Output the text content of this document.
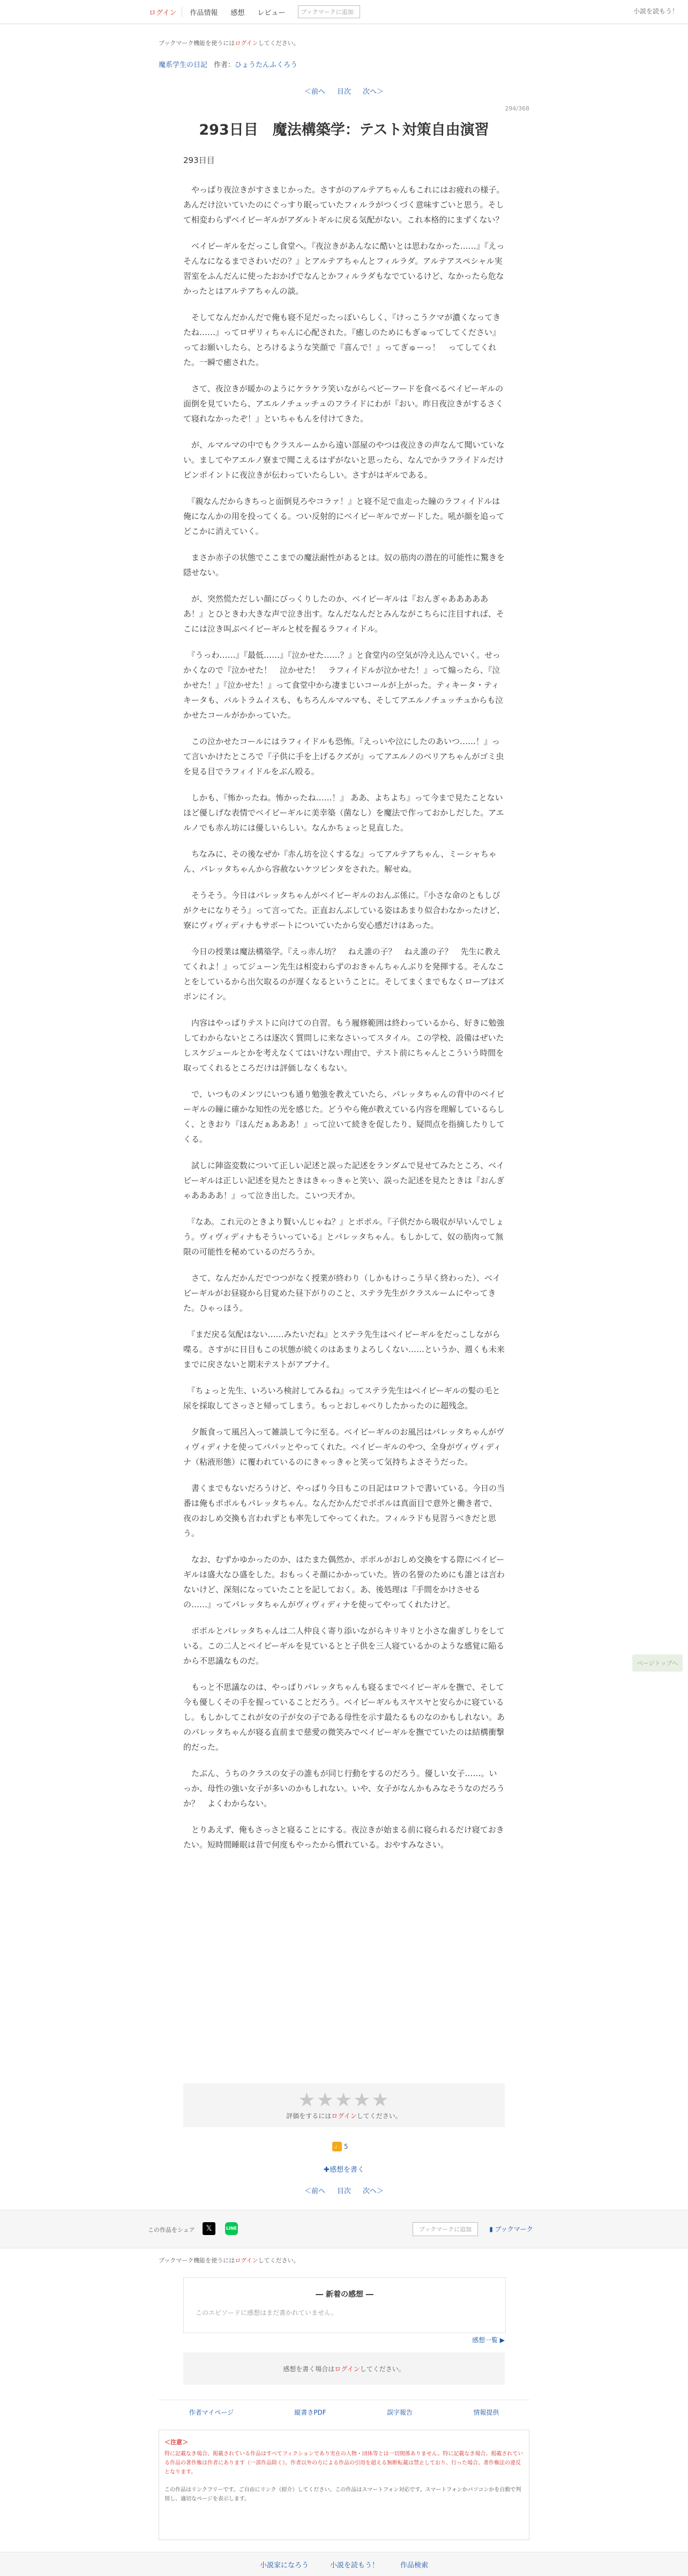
ログイン	作品情報	感想	レビュー	ブックマークに追加	小説を読もう！
ブックマーク機能を使うにはログインしてください。
魔系学生の日記 作者：ひょうたんふくろう
＜前へ 目次 次へ＞
294/368
293日目　魔法構築学：テスト対策自由演習
293日目

　やっぱり夜泣きがすさまじかった。さすがのアルテアちゃんもこれにはお疲れの様子。あんだけ泣いていたのにぐっすり眠っていたフィルラがつくづく意味すごいと思う。そして相変わらずベイビーギルがアダルトギルに戻る気配がない。これ本格的にまずくない？

　ベイビーギルをだっこし食堂へ。『夜泣きがあんなに酷いとは思わなかった……』『えっそんなになるまでさわいだの？』とアルテアちゃんとフィルラダ。アルテアスペシャル実習室をふんだんに使ったおかげでなんとかフィルラダもなでているけど、なかったら危なかったとはアルテアちゃんの談。

　そしてなんだかんだで俺も寝不足だったっぽいらしく、『けっこうクマが濃くなってきたね……』ってロザリィちゃんに心配された。『癒しのためにもぎゅってしてください』ってお願いしたら、とろけるような笑顔で『喜んで！』ってぎゅーっ！　ってしてくれた。一瞬で癒された。

　さて、夜泣きが暖かのようにケラケラ笑いながらベビーフードを食べるベイビーギルの面倒を見ていたら、アエルノチュッチュのフライドにわが『おい。昨日夜泣きがするさくて寝れなかったぞ！』といちゃもんを付けてきた。

　が、ルマルマの中でもクラスルームから遠い部屋のやつは夜泣きの声なんて聞いていない。ましてやアエルノ寮まで聞こえるはずがないと思ったら、なんでかラフライドルだけピンポイントに夜泣きが伝わっていたらしい。さすがはギルである。

　『親なんだからきちっと面倒見ろやコラァ！』と寝不足で血走った瞳のラフィイドルは俺になんかの用を投ってくる。つい反射的にベイビーギルでガードした。吼が顔を追ってどこかに消えていく。

　まさか赤子の状態でここまでの魔法耐性があるとは。奴の筋肉の潜在的可能性に驚きを隠せない。

　が、突然慌ただしい顔にびっくりしたのか、ベイビーギルは『おんぎゃああああああ！』とひときわ大きな声で泣き出す。なんだなんだとみんながこちらに注目すれば、そこには泣き叫ぶベイビーギルと杖を握るラフィイドル。

　『うっわ……』『最低……』『泣かせた……？』と食堂内の空気が冷え込んでいく。せっかくなので『泣かせた！　泣かせた！　ラフィイドルが泣かせた！』って煽ったら、『泣かせた！』『泣かせた！』って食堂中から凄まじいコールが上がった。ティキータ・ティキータも、バルトラムイスも、もちろんルマルマも、そしてアエルノチュッチュからも泣かせたコールがかかっていた。

　この泣かせたコールにはラフィイドルも恐怖。『えっいや泣にしたのあいつ……！』って言いかけたところで『子供に手を上げるクズが』ってアエルノのベリアちゃんがゴミ虫を見る目でラフィイドルをぶん殴る。

　しかも、『怖かったね。怖かったね……！』 ああ、よちよち』って今まで見たことないほど優しげな表情でベイビーギルに美幸築（菌なし）を魔法で作っておかしだした。アエルノでも赤ん坊には優しいらしい。なんかちょっと見直した。

　ちなみに、その後なぜか『赤ん坊を泣くするな』ってアルテアちゃん、ミーシャちゃん、パレッタちゃんから容赦ないケツビンタをされた。解せぬ。

　そうそう。今日はパレッタちゃんがベイビーギルのおんぶ係に。『小さな命のともしびがクセになりそう』って言ってた。正直おんぶしている姿はあまり似合わなかったけど、寮にヴィヴィディナもサポートについていたから安心感だけはあった。

　今日の授業は魔法構築学。『えっ赤ん坊？　ねえ誰の子？　ねえ誰の子？　先生に教えてくれよ！』ってジューン先生は相変わらずのおきゃんちゃんぶりを発揮する。そんなことをしているから出欠取るのが遅くなるということに。そしてまくまでもなくローブはズボンにイン。

　内容はやっぱりテストに向けての自習。もう履修範囲は終わっているから、好きに勉強してわからないところは逐次く質問しに来なさいってスタイル。この学校、設備はぜいたしスケジュールとかを考えなくてはいけない理由で、テスト前にちゃんとこういう時間を取ってくれるところだけは評価しなくもない。

　で、いつものメンツにいつも通り勉強を教えていたら、パレッタちゃんの背中のベイビーギルの瞳に確かな知性の光を感じた。どうやら俺が教えている内容を理解しているらしく、ときおり『ほんだぁあああ！』って泣いて続きを促したり、疑問点を指摘したりしてくる。

　試しに陣盗変数について正しい記述と誤った記述をランダムで見せてみたところ、ベイビーギルは正しい記述を見たときはきゃっきゃと笑い、誤った記述を見たときは『おんぎゃああああ！』って泣き出した。こいつ天才か。

　『なあ。これ元のときより賢いんじゃね？』とポポル。『子供だから吸収が早いんでしょう。ヴィヴィディナもそういっている』とパレッタちゃん。もしかして、奴の筋肉って無限の可能性を秘めているのだろうか。

　さて、なんだかんだでつつがなく授業が終わり（しかもけっこう早く終わった）、ベイビーギルがお昼寝から目覚めた昼下がりのこと、ステラ先生がクラスルームにやってきた。ひゃっほう。

　『まだ戻る気配はない……みたいだね』とステラ先生はベイビーギルをだっこしながら喋る。さすがに日目もこの状態が続くのはあまりよろしくない……というか、週くも未来までに戻さないと期末テストがアブナイ。

　『ちょっと先生、いろいろ検討してみるね』ってステラ先生はベイビーギルの髪の毛と尿を採取してさっさと帰ってしまう。もっとおしゃべりしたかったのに超残念。

　夕飯食って風呂入って雑談して今に至る。ベイビーギルのお風呂はパレッタちゃんがヴィヴィディナを使ってパパッとやってくれた。ベイビーギルのやつ、全身がヴィヴィディナ（粘液形態）に覆われているのにきゃっきゃと笑って気持ちよさそうだった。

　書くまでもないだろうけど、やっぱり今日もこの日記はロフトで書いている。今日の当番は俺もポポルもパレッタちゃん。なんだかんだでポポルは真面目で意外と働き者で、夜のおしめ交換も言われずとも率先してやってくれた。フィルラドも見習うべきだと思う。

　なお、むずかゆかったのか、はたまた偶然か、ポポルがおしめ交換をする際にベイビーギルは盛大なひ盛をした。おもっくそ顔にかかっていた。皆の名誉のためにも誰とは言わないけど、深刻になっていたことを記しておく。あ、後処理は『手間をかけさせるの……』ってパレッタちゃんがヴィヴィディナを使ってやってくれたけど。

　ポポルとパレッタちゃんは二人仲良く寄り添いながらキリキリと小さな歯ぎしりをしている。この二人とベイビーギルを見ているとと子供を三人寝ているかのような感覚に陥るから不思議なものだ。

　もっと不思議なのは、やっぱりパレッタちゃんも寝るまでベイビーギルを撫で、そして今も優しくその手を握っていることだろう。ベイビーギルもスヤスヤと安らかに寝ているし。もしかしてこれが女の子が女の子である母性を示す最たるものなのかもしれない。あのパレッタちゃんが寝る直前まで慈愛の微笑みでベイビーギルを撫でていたのは結構衝撃的だった。

　たぶん、うちのクラスの女子の誰もが同じ行動をするのだろう。優しい女子……。いっか、母性の強い女子が多いのかもしれない。いや、女子がなんかもみなそうなのだろうか？　よくわからない。

　とりあえず、俺もさっさと寝ることにする。夜泣きが始まる前に寝られるだけ寝ておきたい。短時間睡眠は昔で何度もやったから慣れている。おやすみなさい。

ページトップへ
★★★★★
評価をするにはログインしてください。
👍 5
✚感想を書く
＜前へ 目次 次へ＞
この作品をシェア	𝕏	LINE	ブックマークに追加	▮ ブックマーク
ブックマーク機能を使うにはログインしてください。
― 新着の感想 ―
このエピソードに感想はまだ書かれていません。
感想一覧 ▶
感想を書く場合は ログイン してください。
作者マイページ	縦書きPDF	誤字報告	情報提供
＜注意＞
特に記載なき場合、掲載されている作品はすべてフィクションであり実在の人物・団体等とは一切関係ありません。特に記載なき場合、掲載されている作品の著作権は作者にあります（一部作品除く）。作者以外の方による作品の引用を超える無断転載は禁止しており、行った場合、著作権法の違反となります。
この作品はリンクフリーです。ご自由にリンク（紹介）してください。この作品はスマートフォン対応です。スマートフォンかパソコンかを自動で判別し、適切なページを表示します。
小説家になろう	小説を読もう！	作品検索
